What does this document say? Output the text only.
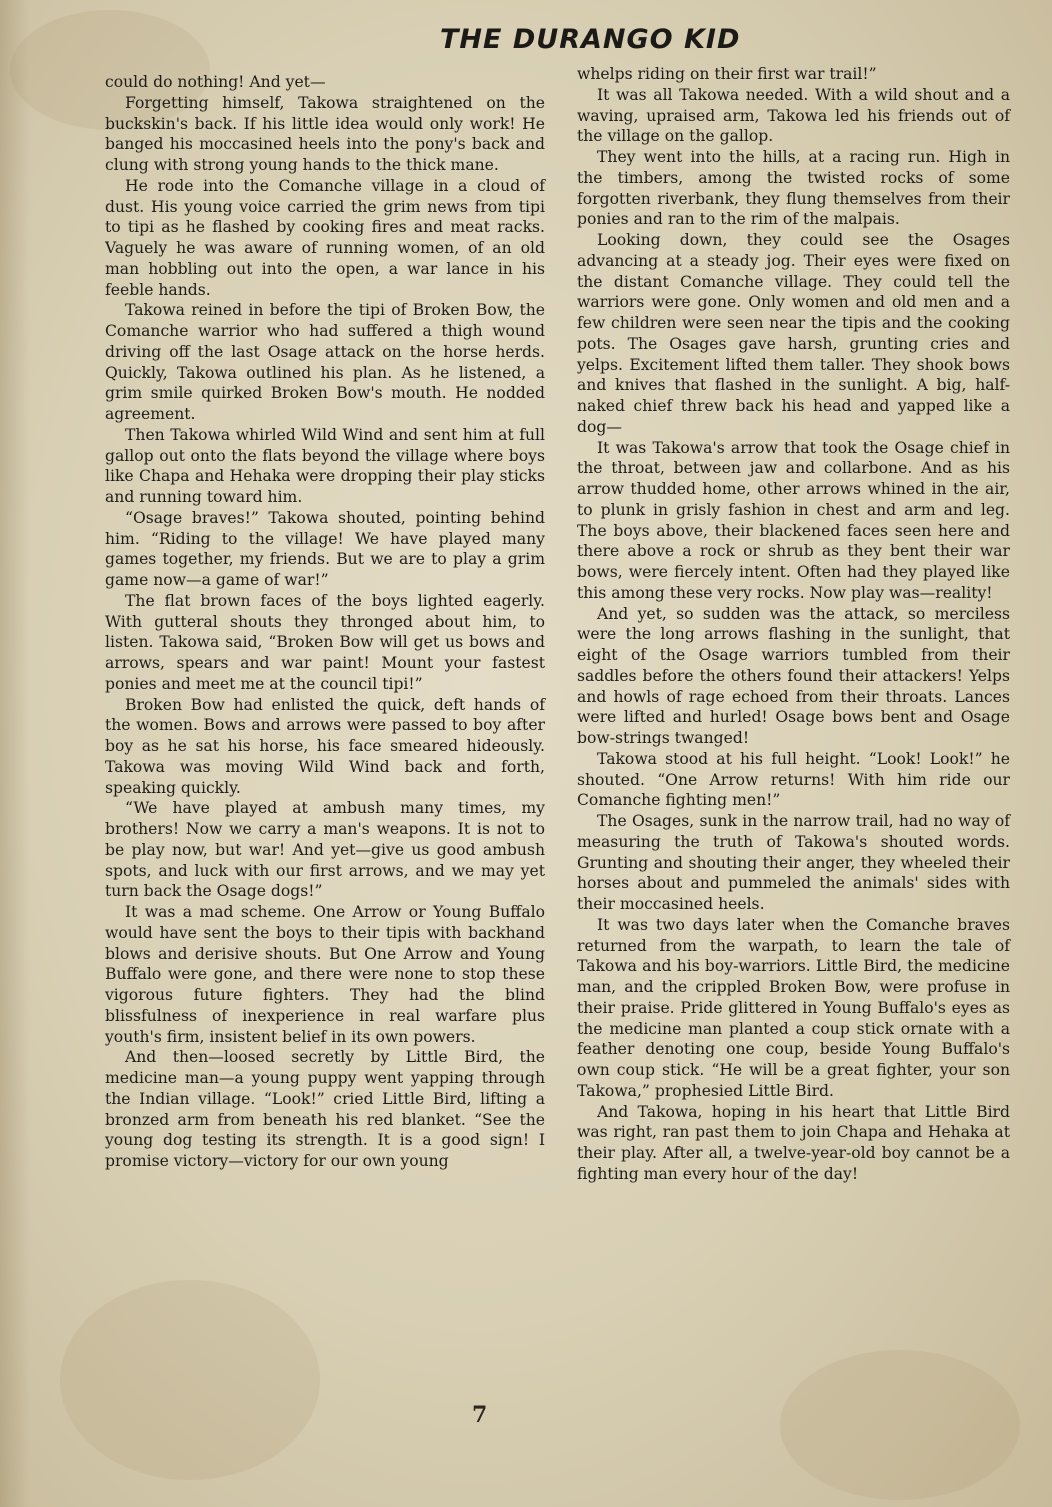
THE DURANGO KID

could do nothing! And yet—

Forgetting himself, Takowa straightened on the buckskin's back. If his little idea would only work! He banged his moccasined heels into the pony's back and clung with strong young hands to the thick mane.

He rode into the Comanche village in a cloud of dust. His young voice carried the grim news from tipi to tipi as he flashed by cooking fires and meat racks. Vaguely he was aware of running women, of an old man hobbling out into the open, a war lance in his feeble hands.

Takowa reined in before the tipi of Broken Bow, the Comanche warrior who had suffered a thigh wound driving off the last Osage attack on the horse herds. Quickly, Takowa outlined his plan. As he listened, a grim smile quirked Broken Bow's mouth. He nodded agreement.

Then Takowa whirled Wild Wind and sent him at full gallop out onto the flats beyond the village where boys like Chapa and Hehaka were dropping their play sticks and running toward him.

“Osage braves!” Takowa shouted, pointing behind him. “Riding to the village! We have played many games together, my friends. But we are to play a grim game now—a game of war!”

The flat brown faces of the boys lighted eagerly. With gutteral shouts they thronged about him, to listen. Takowa said, “Broken Bow will get us bows and arrows, spears and war paint! Mount your fastest ponies and meet me at the council tipi!”

Broken Bow had enlisted the quick, deft hands of the women. Bows and arrows were passed to boy after boy as he sat his horse, his face smeared hideously. Takowa was moving Wild Wind back and forth, speaking quickly.

“We have played at ambush many times, my brothers! Now we carry a man's weapons. It is not to be play now, but war! And yet—give us good ambush spots, and luck with our first arrows, and we may yet turn back the Osage dogs!”

It was a mad scheme. One Arrow or Young Buffalo would have sent the boys to their tipis with backhand blows and derisive shouts. But One Arrow and Young Buffalo were gone, and there were none to stop these vigorous future fighters. They had the blind blissfulness of inexperience in real warfare plus youth's firm, insistent belief in its own powers.

And then—loosed secretly by Little Bird, the medicine man—a young puppy went yapping through the Indian village. “Look!” cried Little Bird, lifting a bronzed arm from beneath his red blanket. “See the young dog testing its strength. It is a good sign! I promise victory—victory for our own young

whelps riding on their first war trail!”

It was all Takowa needed. With a wild shout and a waving, upraised arm, Takowa led his friends out of the village on the gallop.

They went into the hills, at a racing run. High in the timbers, among the twisted rocks of some forgotten riverbank, they flung themselves from their ponies and ran to the rim of the malpais.

Looking down, they could see the Osages advancing at a steady jog. Their eyes were fixed on the distant Comanche village. They could tell the warriors were gone. Only women and old men and a few children were seen near the tipis and the cooking pots. The Osages gave harsh, grunting cries and yelps. Excitement lifted them taller. They shook bows and knives that flashed in the sunlight. A big, half-naked chief threw back his head and yapped like a dog—

It was Takowa's arrow that took the Osage chief in the throat, between jaw and collarbone. And as his arrow thudded home, other arrows whined in the air, to plunk in grisly fashion in chest and arm and leg. The boys above, their blackened faces seen here and there above a rock or shrub as they bent their war bows, were fiercely intent. Often had they played like this among these very rocks. Now play was—reality!

And yet, so sudden was the attack, so merciless were the long arrows flashing in the sunlight, that eight of the Osage warriors tumbled from their saddles before the others found their attackers! Yelps and howls of rage echoed from their throats. Lances were lifted and hurled! Osage bows bent and Osage bow-strings twanged!

Takowa stood at his full height. “Look! Look!” he shouted. “One Arrow returns! With him ride our Comanche fighting men!”

The Osages, sunk in the narrow trail, had no way of measuring the truth of Takowa's shouted words. Grunting and shouting their anger, they wheeled their horses about and pummeled the animals' sides with their moccasined heels.

It was two days later when the Comanche braves returned from the warpath, to learn the tale of Takowa and his boy-warriors. Little Bird, the medicine man, and the crippled Broken Bow, were profuse in their praise. Pride glittered in Young Buffalo's eyes as the medicine man planted a coup stick ornate with a feather denoting one coup, beside Young Buffalo's own coup stick. “He will be a great fighter, your son Takowa,” prophesied Little Bird.

And Takowa, hoping in his heart that Little Bird was right, ran past them to join Chapa and Hehaka at their play. After all, a twelve-year-old boy cannot be a fighting man every hour of the day!

7
